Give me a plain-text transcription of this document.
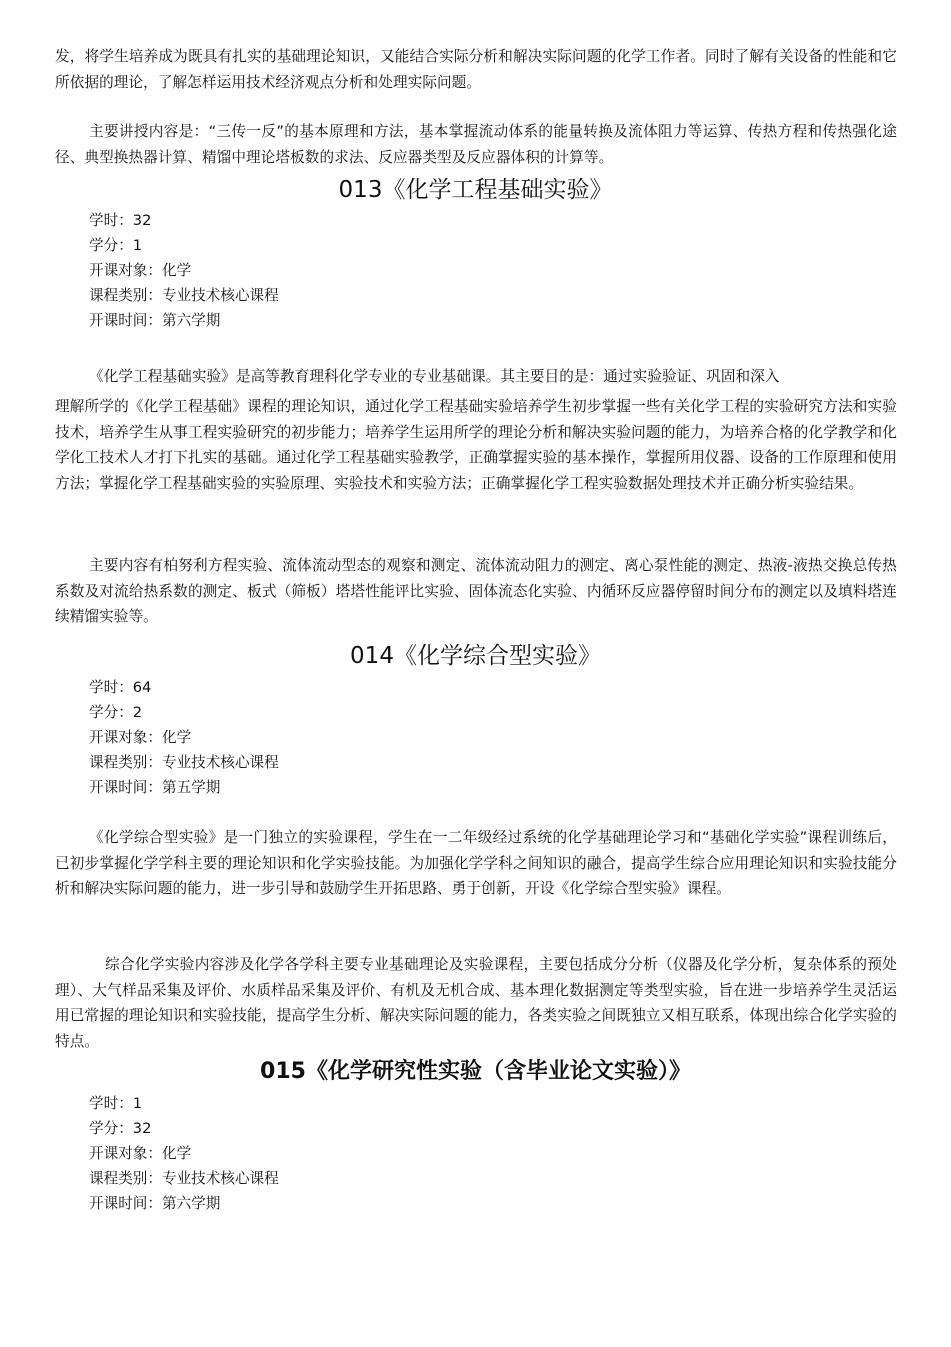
发，将学生培养成为既具有扎实的基础理论知识，又能结合实际分析和解决实际问题的化学工作者。同时了解有关设备的性能和它所依据的理论，了解怎样运用技术经济观点分析和处理实际问题。

主要讲授内容是：“三传一反”的基本原理和方法，基本掌握流动体系的能量转换及流体阻力等运算、传热方程和传热强化途径、典型换热器计算、精馏中理论塔板数的求法、反应器类型及反应器体积的计算等。

013《化学工程基础实验》
学时：32
学分：1
开课对象：化学
课程类别：专业技术核心课程
开课时间：第六学期

《化学工程基础实验》是高等教育理科化学专业的专业基础课。其主要目的是：通过实验验证、巩固和深入

理解所学的《化学工程基础》课程的理论知识，通过化学工程基础实验培养学生初步掌握一些有关化学工程的实验研究方法和实验技术，培养学生从事工程实验研究的初步能力；培养学生运用所学的理论分析和解决实验问题的能力，为培养合格的化学教学和化学化工技术人才打下扎实的基础。通过化学工程基础实验教学，正确掌握实验的基本操作，掌握所用仪器、设备的工作原理和使用方法；掌握化学工程基础实验的实验原理、实验技术和实验方法；正确掌握化学工程实验数据处理技术并正确分析实验结果。

主要内容有柏努利方程实验、流体流动型态的观察和测定、流体流动阻力的测定、离心泵性能的测定、热液-液热交换总传热系数及对流给热系数的测定、板式（筛板）塔塔性能评比实验、固体流态化实验、内循环反应器停留时间分布的测定以及填料塔连续精馏实验等。

014《化学综合型实验》
学时：64
学分：2
开课对象：化学
课程类别：专业技术核心课程
开课时间：第五学期

《化学综合型实验》是一门独立的实验课程，学生在一二年级经过系统的化学基础理论学习和“基础化学实验”课程训练后，已初步掌握化学学科主要的理论知识和化学实验技能。为加强化学学科之间知识的融合，提高学生综合应用理论知识和实验技能分析和解决实际问题的能力，进一步引导和鼓励学生开拓思路、勇于创新，开设《化学综合型实验》课程。

综合化学实验内容涉及化学各学科主要专业基础理论及实验课程，主要包括成分分析（仪器及化学分析，复杂体系的预处理）、大气样品采集及评价、水质样品采集及评价、有机及无机合成、基本理化数据测定等类型实验，旨在进一步培养学生灵活运用已常握的理论知识和实验技能，提高学生分析、解决实际问题的能力，各类实验之间既独立又相互联系，体现出综合化学实验的特点。

015《化学研究性实验（含毕业论文实验）》
学时：1
学分：32
开课对象：化学
课程类别：专业技术核心课程
开课时间：第六学期
